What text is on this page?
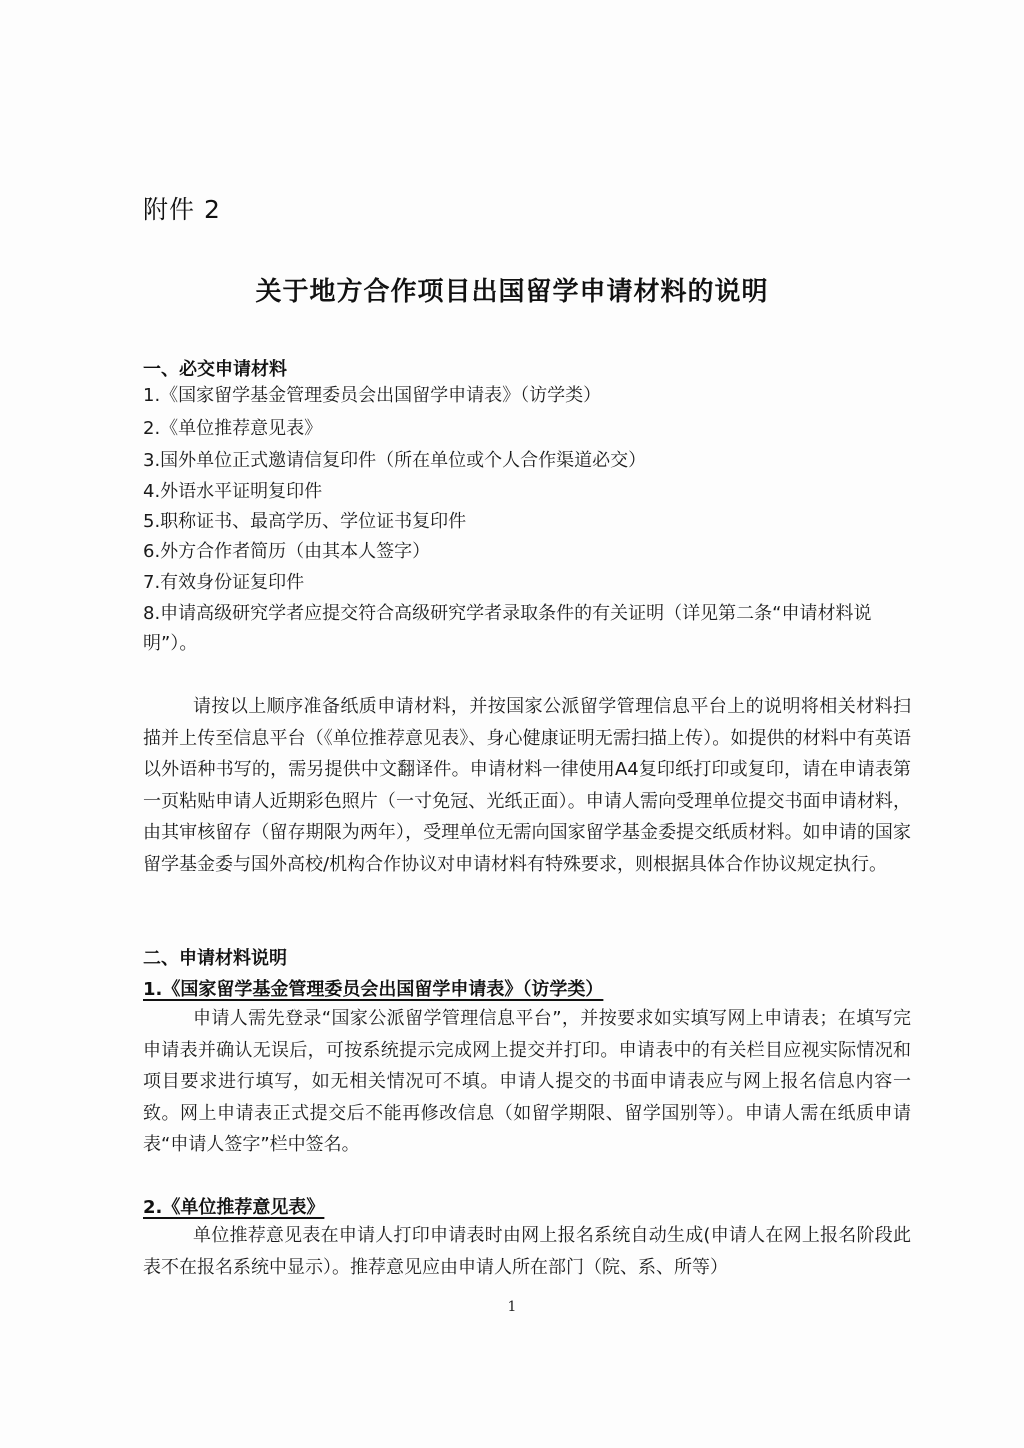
附件 2
关于地方合作项目出国留学申请材料的说明
一、必交申请材料
1.《国家留学基金管理委员会出国留学申请表》（访学类）
2.《单位推荐意见表》
3.国外单位正式邀请信复印件（所在单位或个人合作渠道必交）
4.外语水平证明复印件
5.职称证书、最高学历、学位证书复印件
6.外方合作者简历（由其本人签字）
7.有效身份证复印件
8.申请高级研究学者应提交符合高级研究学者录取条件的有关证明（详见第二条“申请材料说明”）。
请按以上顺序准备纸质申请材料，并按国家公派留学管理信息平台上的说明将相关材料扫描并上传至信息平台（《单位推荐意见表》、身心健康证明无需扫描上传）。如提供的材料中有英语以外语种书写的，需另提供中文翻译件。申请材料一律使用A4复印纸打印或复印，请在申请表第一页粘贴申请人近期彩色照片（一寸免冠、光纸正面）。申请人需向受理单位提交书面申请材料，由其审核留存（留存期限为两年），受理单位无需向国家留学基金委提交纸质材料。如申请的国家留学基金委与国外高校/机构合作协议对申请材料有特殊要求，则根据具体合作协议规定执行。
二、申请材料说明
1.《国家留学基金管理委员会出国留学申请表》（访学类）
申请人需先登录“国家公派留学管理信息平台”，并按要求如实填写网上申请表；在填写完申请表并确认无误后，可按系统提示完成网上提交并打印。申请表中的有关栏目应视实际情况和项目要求进行填写，如无相关情况可不填。申请人提交的书面申请表应与网上报名信息内容一致。网上申请表正式提交后不能再修改信息（如留学期限、留学国别等）。申请人需在纸质申请表“申请人签字”栏中签名。
2.《单位推荐意见表》
单位推荐意见表在申请人打印申请表时由网上报名系统自动生成(申请人在网上报名阶段此表不在报名系统中显示）。推荐意见应由申请人所在部门（院、系、所等）
1
